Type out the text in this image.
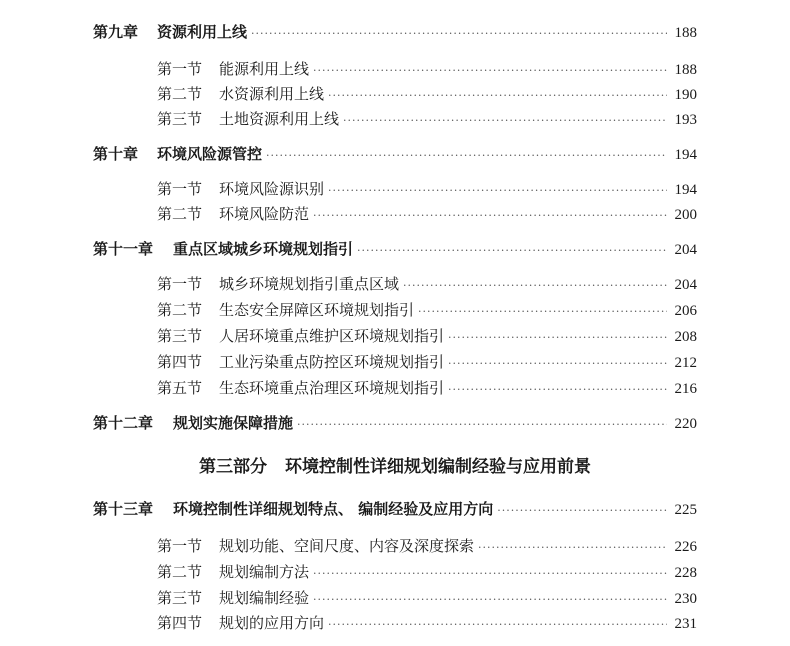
第九章 资源利用上线 ·····	188
第一节 能源利用上线 ·····	188
第二节 水资源利用上线 ·····	190
第三节 土地资源利用上线 ·····	193
第十章 环境风险源管控 ·····	194
第一节 环境风险源识别 ·····	194
第二节 环境风险防范 ·····	200
第十一章 重点区域城乡环境规划指引 ·····	204
第一节 城乡环境规划指引重点区域 ·····	204
第二节 生态安全屏障区环境规划指引 ·····	206
第三节 人居环境重点维护区环境规划指引 ·····	208
第四节 工业污染重点防控区环境规划指引 ·····	212
第五节 生态环境重点治理区环境规划指引 ·····	216
第十二章 规划实施保障措施 ·····	220
第三部分 环境控制性详细规划编制经验与应用前景
第十三章 环境控制性详细规划特点、 编制经验及应用方向 ·····	225
第一节 规划功能、空间尺度、内容及深度探索 ·····	226
第二节 规划编制方法 ·····	228
第三节 规划编制经验 ·····	230
第四节 规划的应用方向 ·····	231
